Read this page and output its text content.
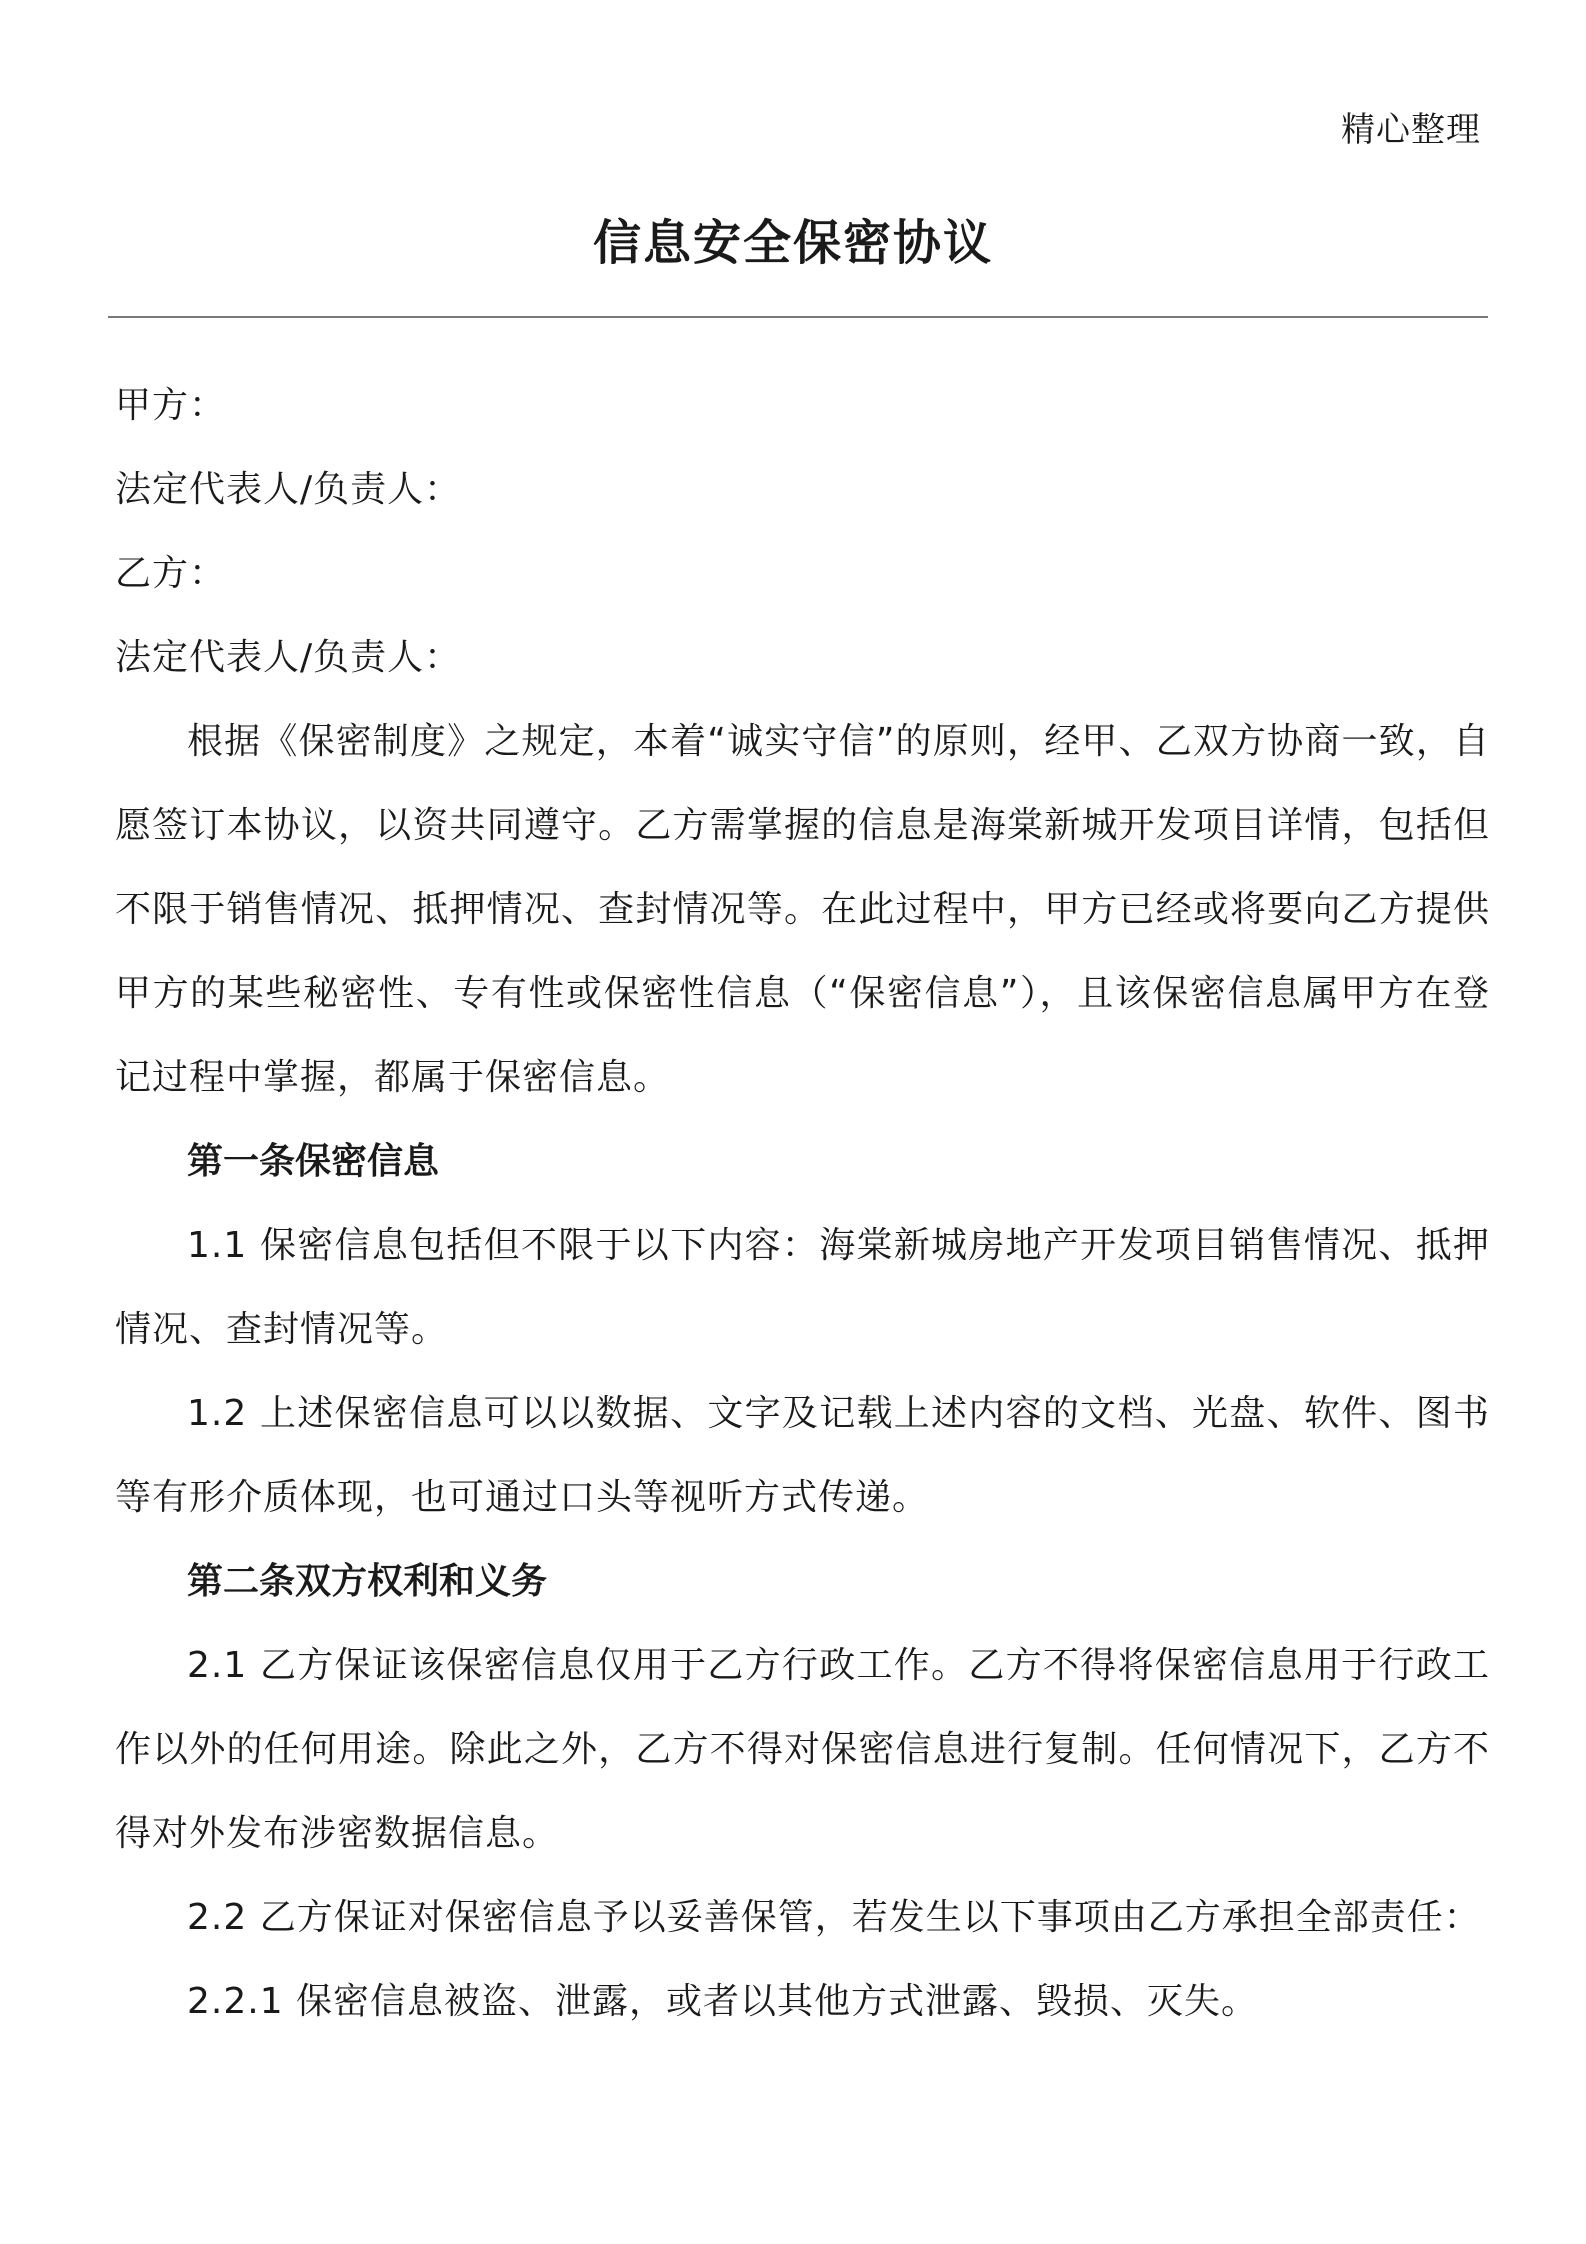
精心整理
信息安全保密协议
甲方：
法定代表人/负责人：
乙方：
法定代表人/负责人：
根据《保密制度》之规定，本着“诚实守信”的原则，经甲、乙双方协商一致，自愿签订本协议，以资共同遵守。乙方需掌握的信息是海棠新城开发项目详情，包括但不限于销售情况、抵押情况、查封情况等。在此过程中，甲方已经或将要向乙方提供甲方的某些秘密性、专有性或保密性信息（“保密信息”），且该保密信息属甲方在登记过程中掌握，都属于保密信息。
第一条保密信息
1.1 保密信息包括但不限于以下内容：海棠新城房地产开发项目销售情况、抵押情况、查封情况等。
1.2 上述保密信息可以以数据、文字及记载上述内容的文档、光盘、软件、图书等有形介质体现，也可通过口头等视听方式传递。
第二条双方权利和义务
2.1 乙方保证该保密信息仅用于乙方行政工作。乙方不得将保密信息用于行政工作以外的任何用途。除此之外，乙方不得对保密信息进行复制。任何情况下，乙方不得对外发布涉密数据信息。
2.2 乙方保证对保密信息予以妥善保管，若发生以下事项由乙方承担全部责任：
2.2.1 保密信息被盗、泄露，或者以其他方式泄露、毁损、灭失。
